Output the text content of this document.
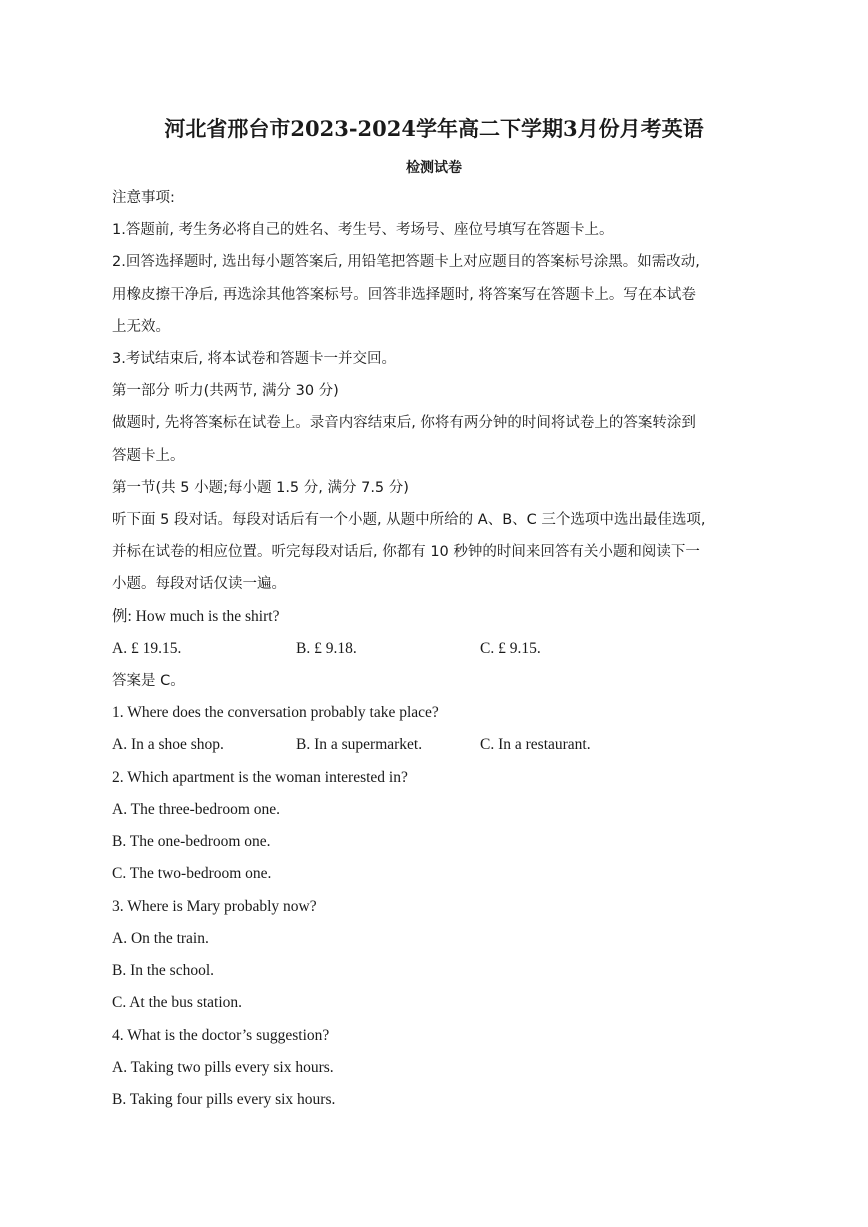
河北省邢台市2023-2024学年高二下学期3月份月考英语
检测试卷
注意事项:
1.答题前, 考生务必将自己的姓名、考生号、考场号、座位号填写在答题卡上。
2.回答选择题时, 选出每小题答案后, 用铅笔把答题卡上对应题目的答案标号涂黑。如需改动,
用橡皮擦干净后, 再选涂其他答案标号。回答非选择题时, 将答案写在答题卡上。写在本试卷
上无效。
3.考试结束后, 将本试卷和答题卡一并交回。
第一部分 听力(共两节, 满分 30 分)
做题时, 先将答案标在试卷上。录音内容结束后, 你将有两分钟的时间将试卷上的答案转涂到
答题卡上。
第一节(共 5 小题;每小题 1.5 分, 满分 7.5 分)
听下面 5 段对话。每段对话后有一个小题, 从题中所给的 A、B、C 三个选项中选出最佳选项,
并标在试卷的相应位置。听完每段对话后, 你都有 10 秒钟的时间来回答有关小题和阅读下一
小题。每段对话仅读一遍。
例: How much is the shirt?
A. £ 19.15.	B. £ 9.18.	C. £ 9.15.
答案是 C。
1. Where does the conversation probably take place?
A. In a shoe shop.	B. In a supermarket.	C. In a restaurant.
2. Which apartment is the woman interested in?
A. The three-bedroom one.
B. The one-bedroom one.
C. The two-bedroom one.
3. Where is Mary probably now?
A. On the train.
B. In the school.
C. At the bus station.
4. What is the doctor’s suggestion?
A. Taking two pills every six hours.
B. Taking four pills every six hours.
